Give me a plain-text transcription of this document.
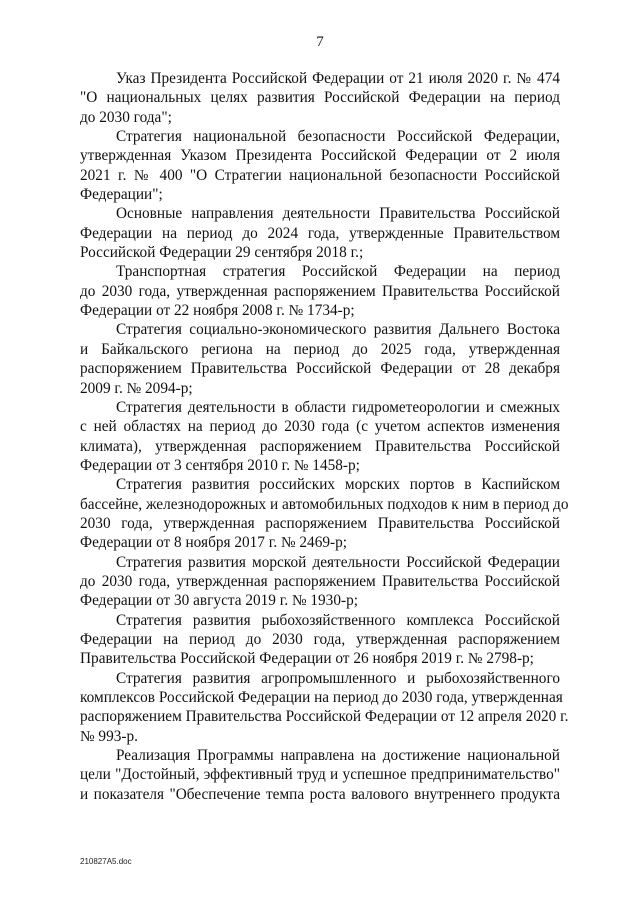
7

Указ Президента Российской Федерации от 21 июля 2020 г. № 474
"О национальных целях развития Российской Федерации на период
до 2030 года";

Стратегия национальной безопасности Российской Федерации,
утвержденная Указом Президента Российской Федерации от 2 июля
2021 г. № 400 "О Стратегии национальной безопасности Российской
Федерации";

Основные направления деятельности Правительства Российской
Федерации на период до 2024 года, утвержденные Правительством
Российской Федерации 29 сентября 2018 г.;

Транспортная стратегия Российской Федерации на период
до 2030 года, утвержденная распоряжением Правительства Российской
Федерации от 22 ноября 2008 г. № 1734-р;

Стратегия социально-экономического развития Дальнего Востока
и Байкальского региона на период до 2025 года, утвержденная
распоряжением Правительства Российской Федерации от 28 декабря
2009 г. № 2094-р;

Стратегия деятельности в области гидрометеорологии и смежных
с ней областях на период до 2030 года (с учетом аспектов изменения
климата), утвержденная распоряжением Правительства Российской
Федерации от 3 сентября 2010 г. № 1458-р;

Стратегия развития российских морских портов в Каспийском
бассейне, железнодорожных и автомобильных подходов к ним в период до
2030 года, утвержденная распоряжением Правительства Российской
Федерации от 8 ноября 2017 г. № 2469-р;

Стратегия развития морской деятельности Российской Федерации
до 2030 года, утвержденная распоряжением Правительства Российской
Федерации от 30 августа 2019 г. № 1930-р;

Стратегия развития рыбохозяйственного комплекса Российской
Федерации на период до 2030 года, утвержденная распоряжением
Правительства Российской Федерации от 26 ноября 2019 г. № 2798-р;

Стратегия развития агропромышленного и рыбохозяйственного
комплексов Российской Федерации на период до 2030 года, утвержденная
распоряжением Правительства Российской Федерации от 12 апреля 2020 г.
№ 993-р.

Реализация Программы направлена на достижение национальной
цели "Достойный, эффективный труд и успешное предпринимательство"
и показателя "Обеспечение темпа роста валового внутреннего продукта

210827A5.doc
